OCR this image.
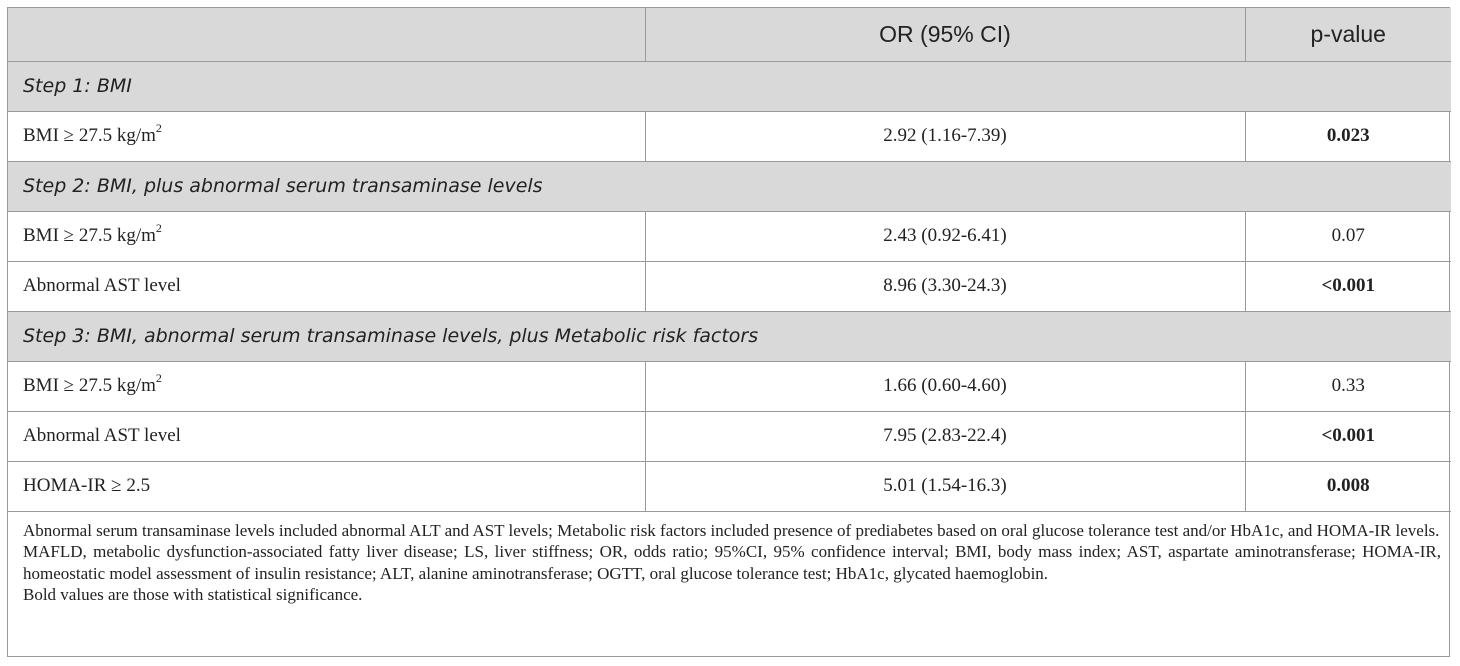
	OR (95% CI)	p-value
Step 1: BMI		
BMI ≥ 27.5 $kg/m^2$	2.92 (1.16-7.39)	0.023
Step 2: BMI, plus abnormal serum transaminase levels		
BMI ≥ 27.5 $kg/m^2$	2.43 (0.92-6.41)	0.07
Abnormal AST level	8.96 (3.30-24.3)	<0.001
Step 3: BMI, abnormal serum transaminase levels, plus Metabolic risk factors		
BMI ≥ 27.5 $kg/m^2$	1.66 (0.60-4.60)	0.33
Abnormal AST level	7.95 (2.83-22.4)	<0.001
HOMA-IR ≥ 2.5	5.01 (1.54-16.3)	0.008

Abnormal serum transaminase levels included abnormal ALT and AST levels; Metabolic risk factors included presence of prediabetes based on oral glucose tolerance test and/or HbA1c, and HOMA-IR levels.

MAFLD, metabolic dysfunction-associated fatty liver disease; LS, liver stiffness; OR, odds ratio; 95%CI, 95% confidence interval; BMI, body mass index; AST, aspartate aminotransferase; HOMA-IR, homeostatic model assessment of insulin resistance; ALT, alanine aminotransferase; OGTT, oral glucose tolerance test; HbA1c, glycated haemoglobin.

Bold values are those with statistical significance.
